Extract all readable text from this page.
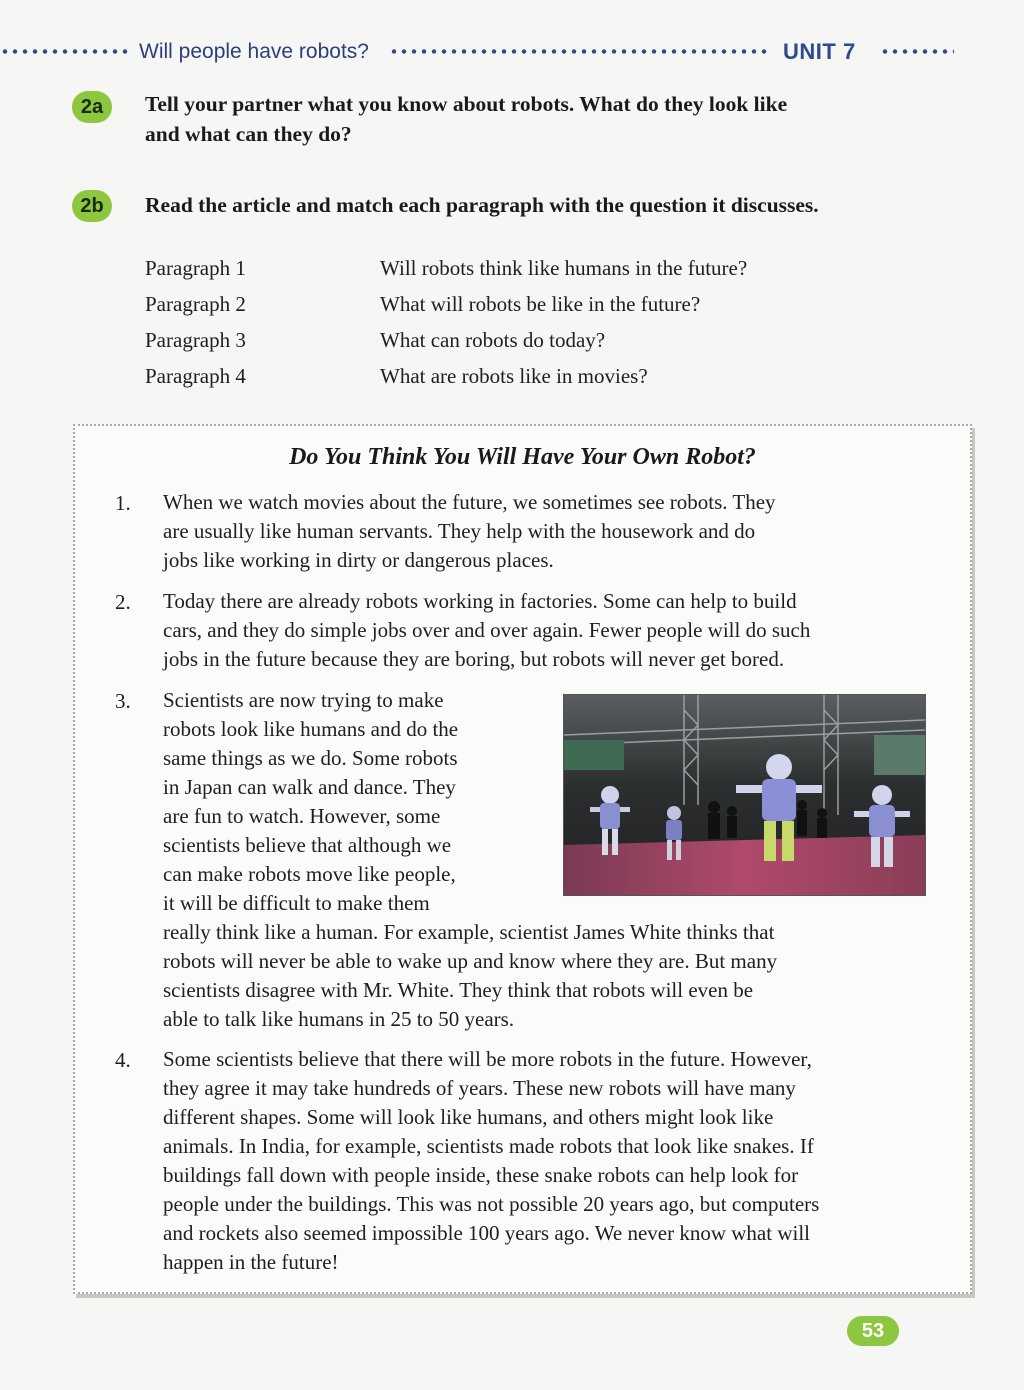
Will people have robots?	UNIT 7
2a	Tell your partner what you know about robots. What do they look like
and what can they do?
2b	Read the article and match each paragraph with the question it discusses.
Paragraph 1	Will robots think like humans in the future?
Paragraph 2	What will robots be like in the future?
Paragraph 3	What can robots do today?
Paragraph 4	What are robots like in movies?
Do You Think You Will Have Your Own Robot?
1. When we watch movies about the future, we sometimes see robots. They
are usually like human servants. They help with the housework and do
jobs like working in dirty or dangerous places.
2. Today there are already robots working in factories. Some can help to build
cars, and they do simple jobs over and over again. Fewer people will do such
jobs in the future because they are boring, but robots will never get bored.
3. Scientists are now trying to make
robots look like humans and do the
same things as we do. Some robots
in Japan can walk and dance. They
are fun to watch. However, some
scientists believe that although we
can make robots move like people,
it will be difficult to make them
really think like a human. For example, scientist James White thinks that
robots will never be able to wake up and know where they are. But many
scientists disagree with Mr. White. They think that robots will even be
able to talk like humans in 25 to 50 years.
4. Some scientists believe that there will be more robots in the future. However,
they agree it may take hundreds of years. These new robots will have many
different shapes. Some will look like humans, and others might look like
animals. In India, for example, scientists made robots that look like snakes. If
buildings fall down with people inside, these snake robots can help look for
people under the buildings. This was not possible 20 years ago, but computers
and rockets also seemed impossible 100 years ago. We never know what will
happen in the future!
53
